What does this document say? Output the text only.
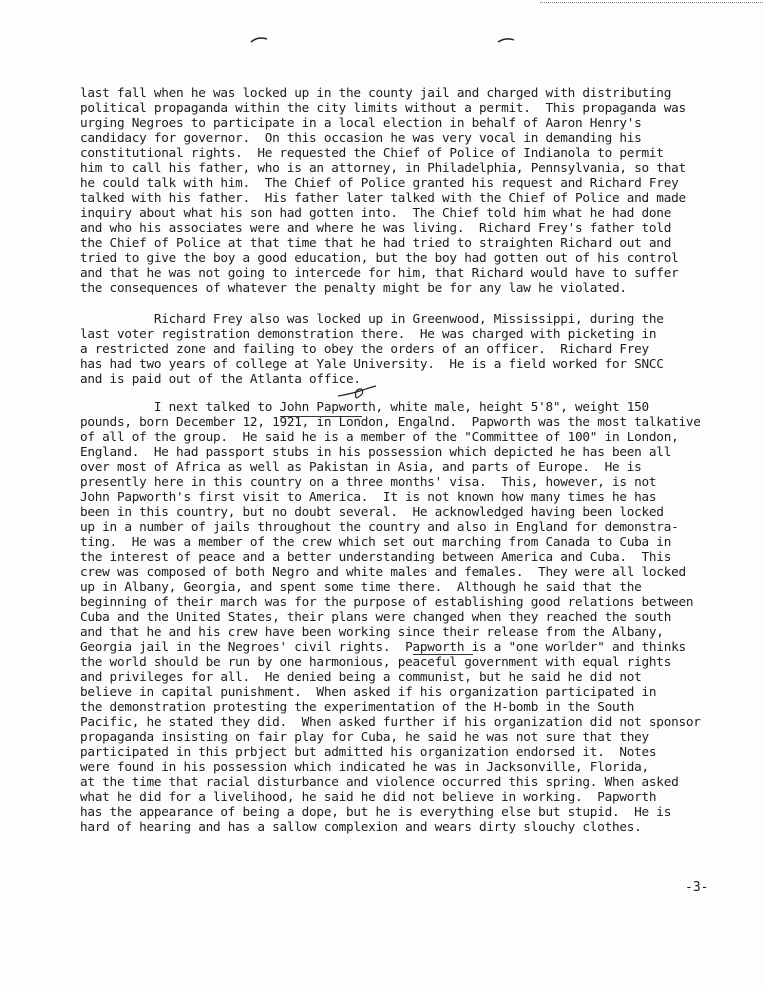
last fall when he was locked up in the county jail and charged with distributing
political propaganda within the city limits without a permit.  This propaganda was
urging Negroes to participate in a local election in behalf of Aaron Henry's
candidacy for governor.  On this occasion he was very vocal in demanding his
constitutional rights.  He requested the Chief of Police of Indianola to permit
him to call his father, who is an attorney, in Philadelphia, Pennsylvania, so that
he could talk with him.  The Chief of Police granted his request and Richard Frey
talked with his father.  His father later talked with the Chief of Police and made
inquiry about what his son had gotten into.  The Chief told him what he had done
and who his associates were and where he was living.  Richard Frey's father told
the Chief of Police at that time that he had tried to straighten Richard out and
tried to give the boy a good education, but the boy had gotten out of his control
and that he was not going to intercede for him, that Richard would have to suffer
the consequences of whatever the penalty might be for any law he violated.
Richard Frey also was locked up in Greenwood, Mississippi, during the
last voter registration demonstration there.  He was charged with picketing in
a restricted zone and failing to obey the orders of an officer.  Richard Frey
has had two years of college at Yale University.  He is a field worked for SNCC
and is paid out of the Atlanta office.
I next talked to John Papworth, white male, height 5'8", weight 150
pounds, born December 12, 1921, in London, Engalnd.  Papworth was the most talkative
of all of the group.  He said he is a member of the "Committee of 100" in London,
England.  He had passport stubs in his possession which depicted he has been all
over most of Africa as well as Pakistan in Asia, and parts of Europe.  He is
presently here in this country on a three months' visa.  This, however, is not
John Papworth's first visit to America.  It is not known how many times he has
been in this country, but no doubt several.  He acknowledged having been locked
up in a number of jails throughout the country and also in England for demonstra-
ting.  He was a member of the crew which set out marching from Canada to Cuba in
the interest of peace and a better understanding between America and Cuba.  This
crew was composed of both Negro and white males and females.  They were all locked
up in Albany, Georgia, and spent some time there.  Although he said that the
beginning of their march was for the purpose of establishing good relations between
Cuba and the United States, their plans were changed when they reached the south
and that he and his crew have been working since their release from the Albany,
Georgia jail in the Negroes' civil rights.  Papworth is a "one worlder" and thinks
the world should be run by one harmonious, peaceful government with equal rights
and privileges for all.  He denied being a communist, but he said he did not
believe in capital punishment.  When asked if his organization participated in
the demonstration protesting the experimentation of the H-bomb in the South
Pacific, he stated they did.  When asked further if his organization did not sponsor
propaganda insisting on fair play for Cuba, he said he was not sure that they
participated in this prbject but admitted his organization endorsed it.  Notes
were found in his possession which indicated he was in Jacksonville, Florida,
at the time that racial disturbance and violence occurred this spring. When asked
what he did for a livelihood, he said he did not believe in working.  Papworth
has the appearance of being a dope, but he is everything else but stupid.  He is
hard of hearing and has a sallow complexion and wears dirty slouchy clothes.
-3-
